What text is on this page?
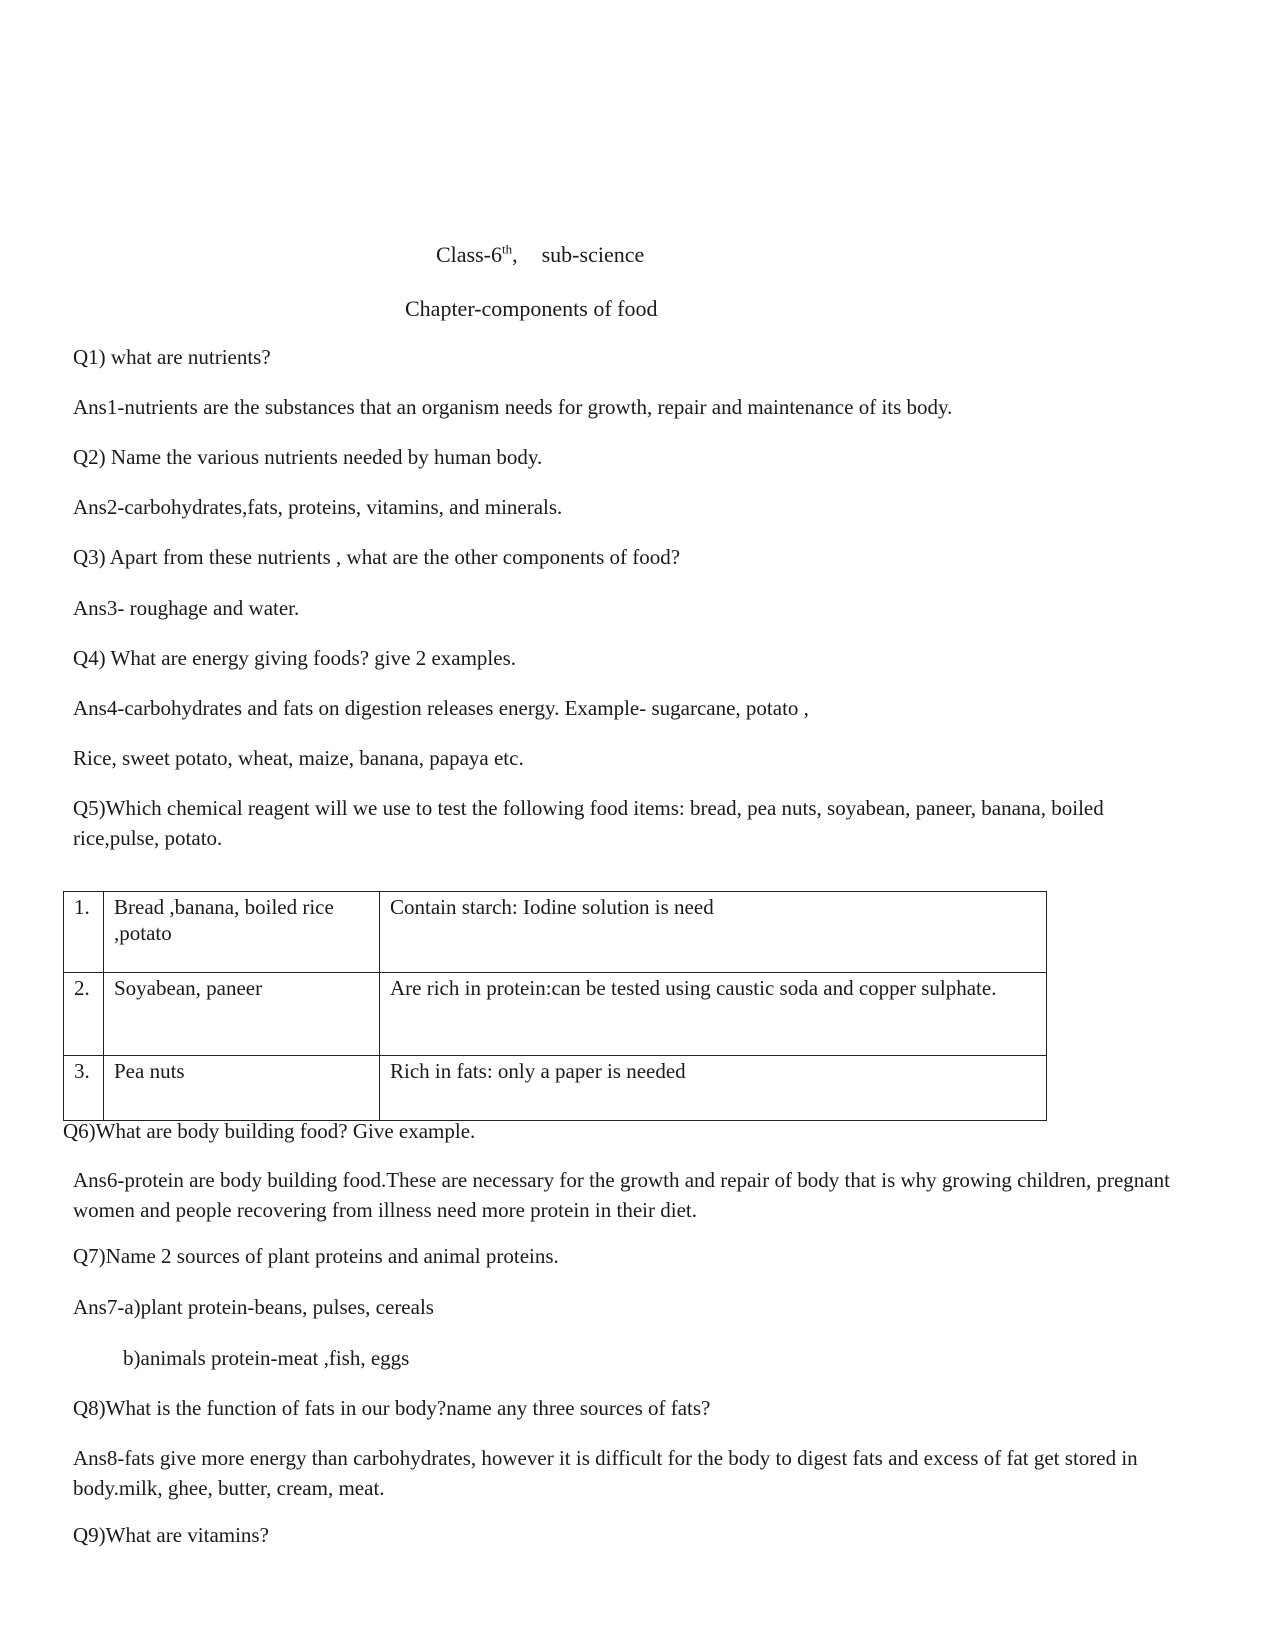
Class-6th, sub-science
Chapter-components of food
Q1) what are nutrients?
Ans1-nutrients are the substances that an organism needs for growth, repair and maintenance of its body.
Q2) Name the various nutrients needed by human body.
Ans2-carbohydrates,fats, proteins, vitamins, and minerals.
Q3) Apart from these nutrients , what are the other components of food?
Ans3- roughage and water.
Q4) What are energy giving foods? give 2 examples.
Ans4-carbohydrates and fats on digestion releases energy. Example- sugarcane, potato ,
Rice, sweet potato, wheat, maize, banana, papaya etc.
Q5)Which chemical reagent will we use to test the following food items: bread, pea nuts, soyabean, paneer, banana, boiled rice,pulse, potato.
1.	Bread ,banana, boiled rice ,potato	Contain starch: Iodine solution is need
2.	Soyabean, paneer	Are rich in protein:can be tested using caustic soda and copper sulphate.
3.	Pea nuts	Rich in fats: only a paper is needed
Q6)What are body building food? Give example.
Ans6-protein are body building food.These are necessary for the growth and repair of body that is why growing children, pregnant women and people recovering from illness need more protein in their diet.
Q7)Name 2 sources of plant proteins and animal proteins.
Ans7-a)plant protein-beans, pulses, cereals
b)animals protein-meat ,fish, eggs
Q8)What is the function of fats in our body?name any three sources of fats?
Ans8-fats give more energy than carbohydrates, however it is difficult for the body to digest fats and excess of fat get stored in body.milk, ghee, butter, cream, meat.
Q9)What are vitamins?
